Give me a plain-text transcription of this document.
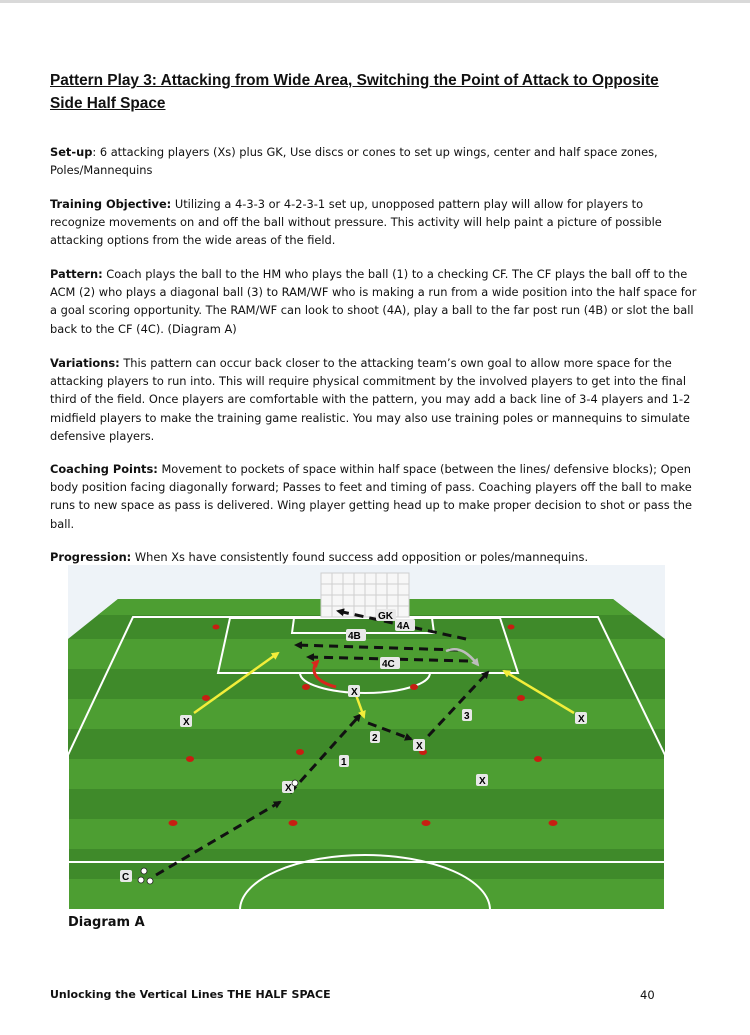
Pattern Play 3: Attacking from Wide Area, Switching the Point of Attack to Opposite Side Half Space
Set-up: 6 attacking players (Xs) plus GK, Use discs or cones to set up wings, center and half space zones, Poles/Mannequins
Training Objective: Utilizing a 4-3-3 or 4-2-3-1 set up, unopposed pattern play will allow for players to recognize movements on and off the ball without pressure. This activity will help paint a picture of possible attacking options from the wide areas of the field.
Pattern: Coach plays the ball to the HM who plays the ball (1) to a checking CF. The CF plays the ball off to the ACM (2) who plays a diagonal ball (3) to RAM/WF who is making a run from a wide position into the half space for a goal scoring opportunity. The RAM/WF can look to shoot (4A), play a ball to the far post run (4B) or slot the ball back to the CF (4C). (Diagram A)
Variations: This pattern can occur back closer to the attacking team’s own goal to allow more space for the attacking players to run into. This will require physical commitment by the involved players to get into the final third of the field. Once players are comfortable with the pattern, you may add a back line of 3-4 players and 1-2 midfield players to make the training game realistic. You may also use training poles or mannequins to simulate defensive players.
Coaching Points: Movement to pockets of space within half space (between the lines/ defensive blocks); Open body position facing diagonally forward; Passes to feet and timing of pass. Coaching players off the ball to make runs to new space as pass is delivered. Wing player getting head up to make proper decision to shot or pass the ball.
Progression: When Xs have consistently found success add opposition or poles/mannequins.
GK
4A
4B
4C
1
2
3
X
X	X
X
X
X
C
Diagram A
Unlocking the Vertical Lines THE HALF SPACE	40
